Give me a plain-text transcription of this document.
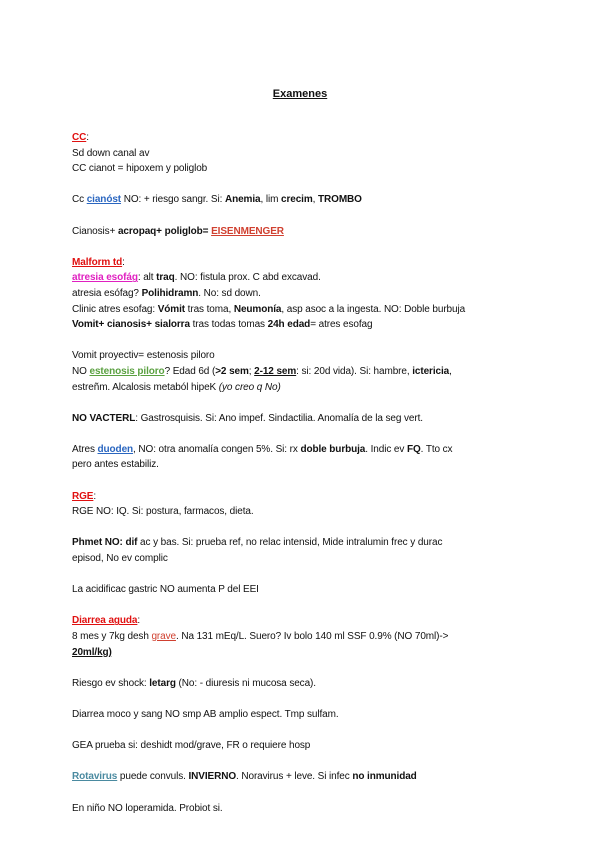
Examenes

CC:

Sd down canal av

CC cianot = hipoxem y poliglob

Cc cianóst NO: + riesgo sangr. Si: Anemia, lim crecim, TROMBO

Cianosis+ acropaq+ poliglob= EISENMENGER

Malform td:

atresia esofág: alt traq. NO: fistula prox. C abd excavad.

atresia esófag? Polihidramn. No: sd down.

Clinic atres esofag: Vómit tras toma, Neumonía, asp asoc a la ingesta. NO: Doble burbuja

Vomit+ cianosis+ sialorra tras todas tomas 24h edad= atres esofag

Vomit proyectiv= estenosis piloro

NO estenosis piloro? Edad 6d (>2 sem; 2-12 sem: si: 20d vida). Si: hambre, ictericia,

estreñm. Alcalosis metaból hipeK (yo creo q No)

NO VACTERL: Gastrosquisis. Si: Ano impef. Sindactilia. Anomalía de la seg vert.

Atres duoden, NO: otra anomalía congen 5%. Si: rx doble burbuja. Indic ev FQ. Tto cx

pero antes estabiliz.

RGE:

RGE NO: IQ. Si: postura, farmacos, dieta.

Phmet NO: dif ac y bas. Si: prueba ref, no relac intensid, Mide intralumin frec y durac

episod, No ev complic

La acidificac gastric NO aumenta P del EEI

Diarrea aguda:

8 mes y 7kg desh grave. Na 131 mEq/L. Suero? Iv bolo 140 ml SSF 0.9% (NO 70ml)->

20ml/kg)

Riesgo ev shock: letarg (No: - diuresis ni mucosa seca).

Diarrea moco y sang NO smp AB amplio espect. Tmp sulfam.

GEA prueba si: deshidt mod/grave, FR o requiere hosp

Rotavirus puede convuls. INVIERNO. Noravirus + leve. Si infec no inmunidad

En niño NO loperamida. Probiot si.
